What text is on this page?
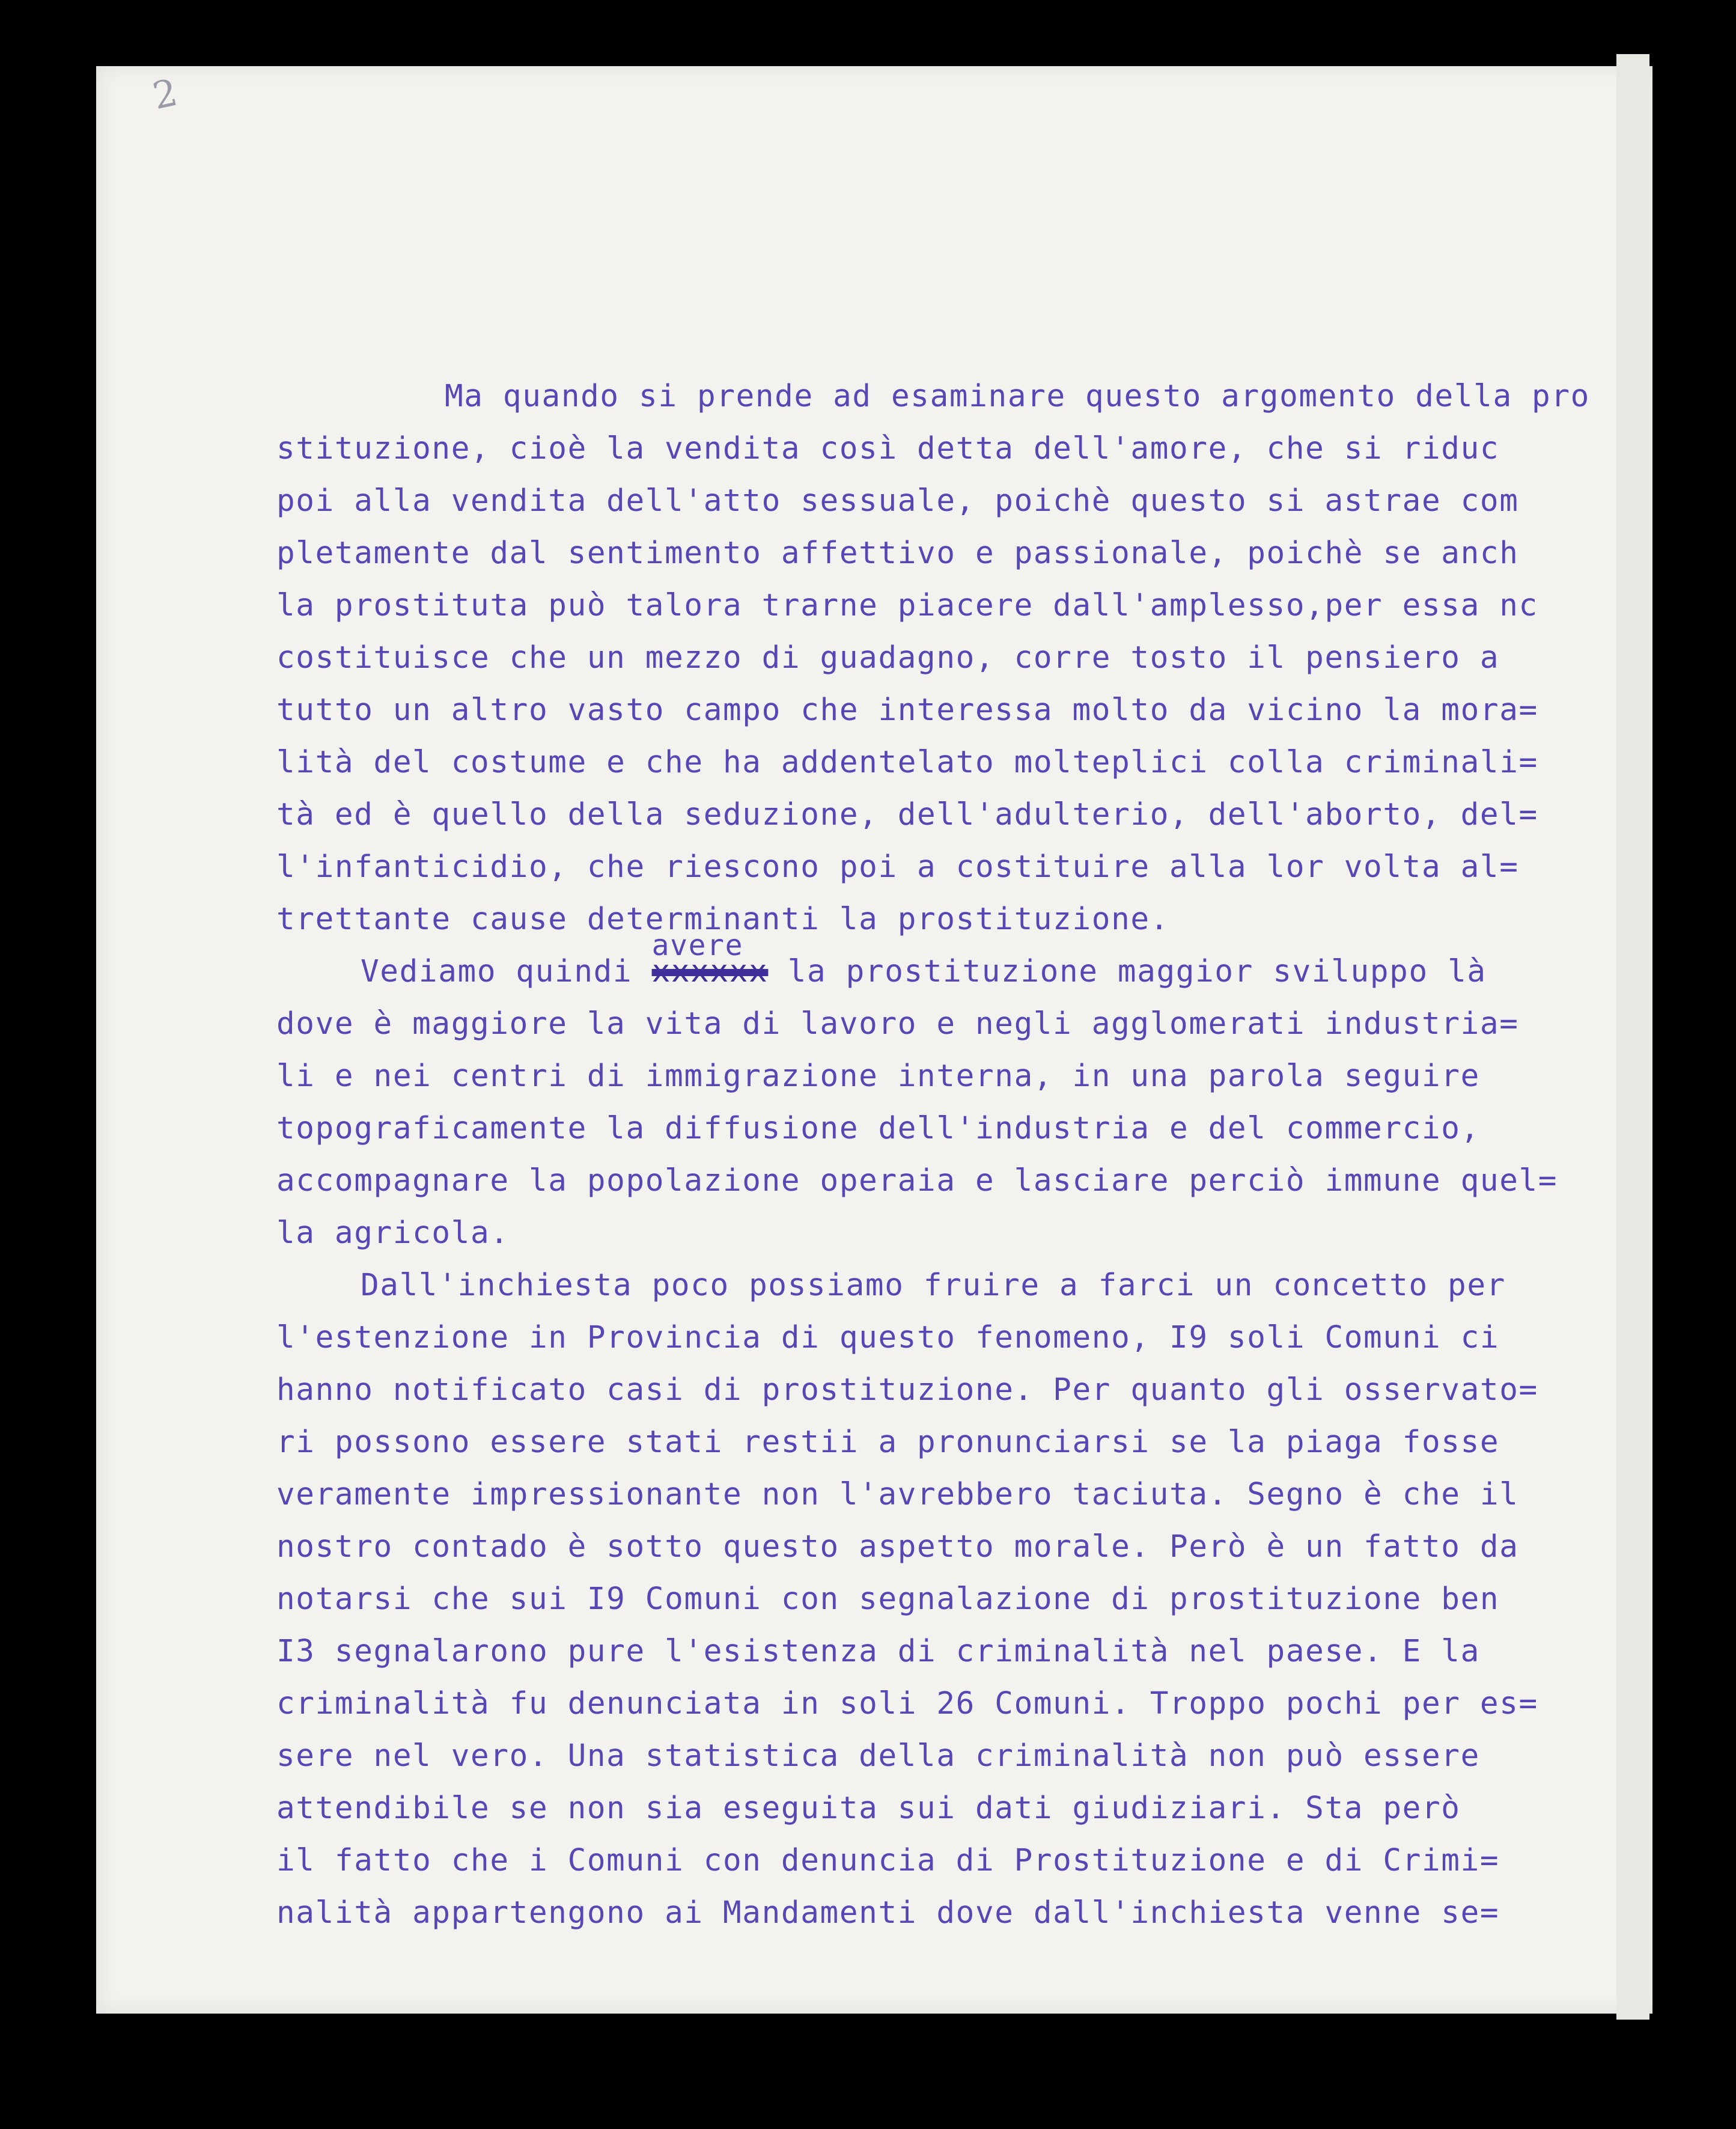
2
Ma quando si prende ad esaminare questo argomento della pro
stituzione, cioè la vendita così detta dell'amore, che si riduc
poi alla vendita dell'atto sessuale, poichè questo si astrae com
pletamente dal sentimento affettivo e passionale, poichè se anch
la prostituta può talora trarne piacere dall'amplesso,per essa nc
costituisce che un mezzo di guadagno, corre tosto il pensiero a
tutto un altro vasto campo che interessa molto da vicino la mora=
lità del costume e che ha addentelato molteplici colla criminali=
tà ed è quello della seduzione, dell'adulterio, dell'aborto, del=
l'infanticidio, che riescono poi a costituire alla lor volta al=
trettante cause determinanti la prostituzione.
Vediamo quindi
avere
xxxxxx la prostituzione maggior sviluppo là
dove è maggiore la vita di lavoro e negli agglomerati industria=
li e nei centri di immigrazione interna, in una parola seguire
topograficamente la diffusione dell'industria e del commercio,
accompagnare la popolazione operaia e lasciare perciò immune quel=
la agricola.
Dall'inchiesta poco possiamo fruire a farci un concetto per
l'estenzione in Provincia di questo fenomeno, I9 soli Comuni ci
hanno notificato casi di prostituzione. Per quanto gli osservato=
ri possono essere stati restii a pronunciarsi se la piaga fosse
veramente impressionante non l'avrebbero taciuta. Segno è che il
nostro contado è sotto questo aspetto morale. Però è un fatto da
notarsi che sui I9 Comuni con segnalazione di prostituzione ben
I3 segnalarono pure l'esistenza di criminalità nel paese. E la
criminalità fu denunciata in soli 26 Comuni. Troppo pochi per es=
sere nel vero. Una statistica della criminalità non può essere
attendibile se non sia eseguita sui dati giudiziari. Sta però
il fatto che i Comuni con denuncia di Prostituzione e di Crimi=
nalità appartengono ai Mandamenti dove dall'inchiesta venne se=
